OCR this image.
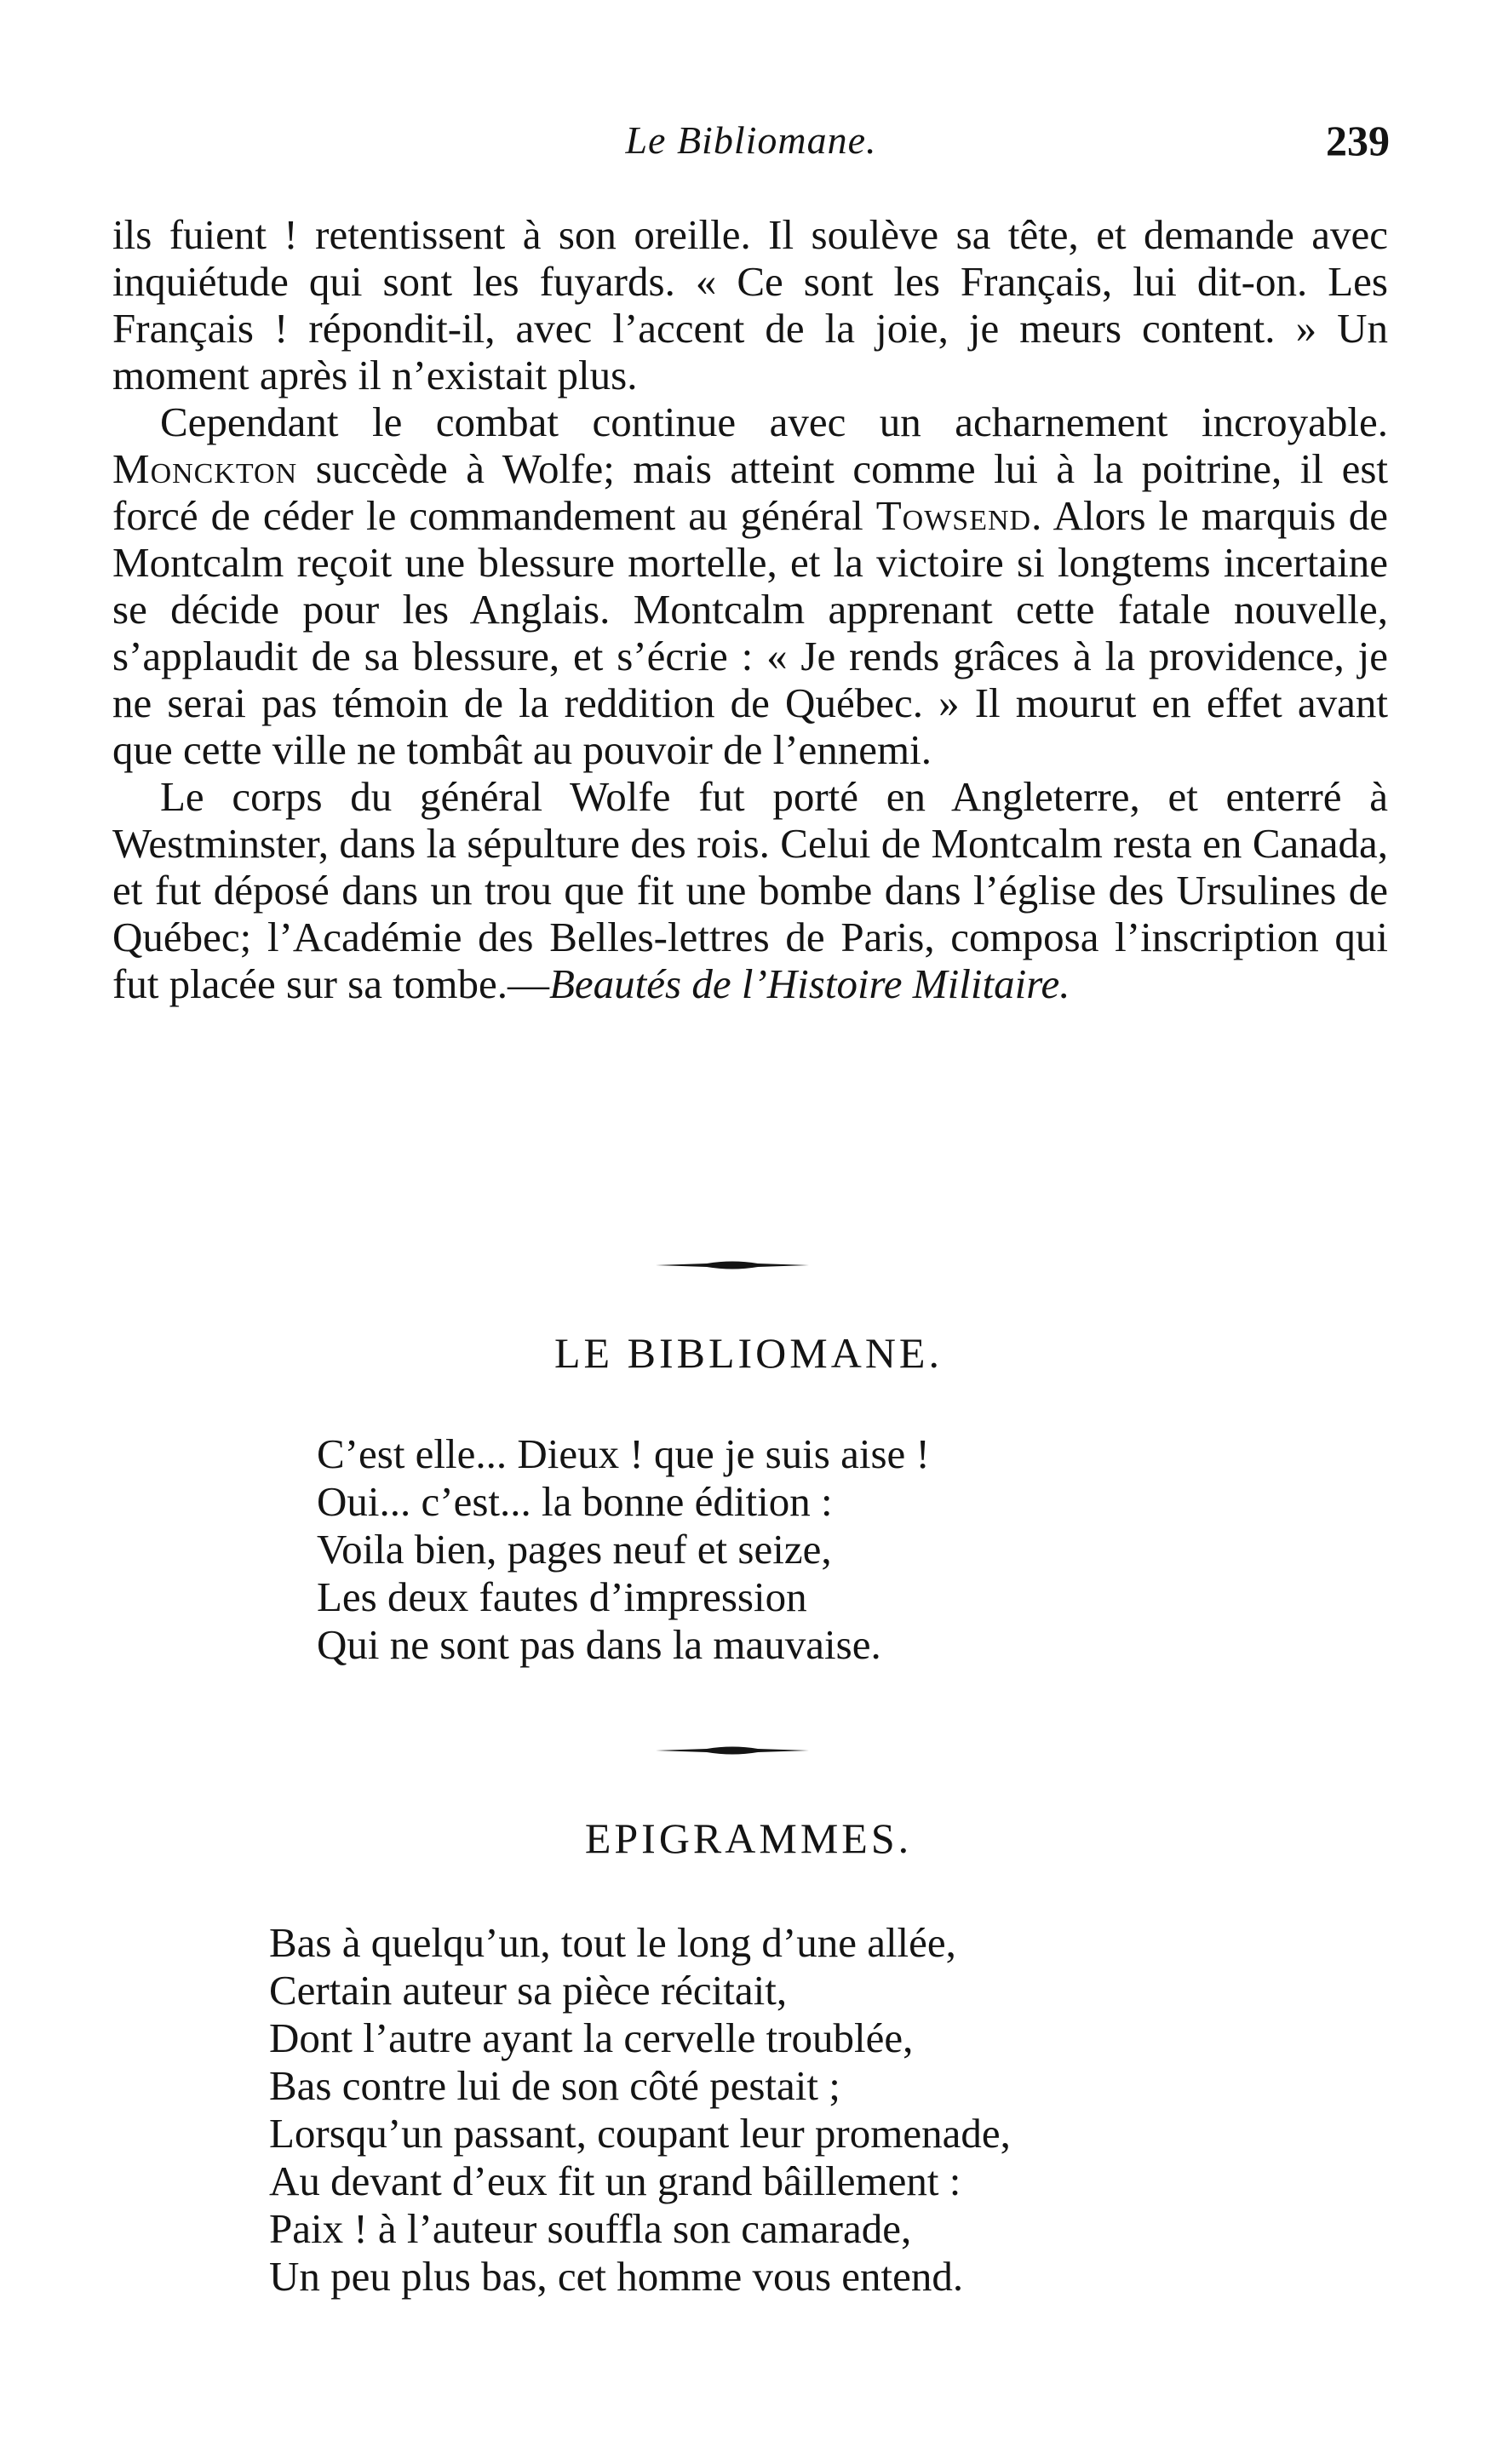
Le Bibliomane.	239

ils fuient ! retentissent à son oreille. Il soulève sa tête, et demande avec inquiétude qui sont les fuyards. « Ce sont les Français, lui dit-on. Les Français ! répondit-il, avec l’accent de la joie, je meurs content. » Un moment après il n’existait plus.

Cependant le combat continue avec un acharnement incroyable. Monckton succède à Wolfe; mais atteint comme lui à la poitrine, il est forcé de céder le commandement au général Towsend. Alors le marquis de Montcalm reçoit une blessure mortelle, et la victoire si longtems incertaine se décide pour les Anglais. Montcalm apprenant cette fatale nouvelle, s’applaudit de sa blessure, et s’écrie : « Je rends grâces à la providence, je ne serai pas témoin de la reddition de Québec. » Il mourut en effet avant que cette ville ne tombât au pouvoir de l’ennemi.

Le corps du général Wolfe fut porté en Angleterre, et enterré à Westminster, dans la sépulture des rois. Celui de Montcalm resta en Canada, et fut déposé dans un trou que fit une bombe dans l’église des Ursulines de Québec; l’Académie des Belles-lettres de Paris, composa l’inscription qui fut placée sur sa tombe.—Beautés de l’Histoire Militaire.

LE BIBLIOMANE.
C’est elle... Dieux ! que je suis aise !
Oui... c’est... la bonne édition :
Voila bien, pages neuf et seize,
Les deux fautes d’impression
Qui ne sont pas dans la mauvaise.
EPIGRAMMES.
Bas à quelqu’un, tout le long d’une allée,
Certain auteur sa pièce récitait,
Dont l’autre ayant la cervelle troublée,
Bas contre lui de son côté pestait ;
Lorsqu’un passant, coupant leur promenade,
Au devant d’eux fit un grand bâillement :
Paix ! à l’auteur souffla son camarade,
Un peu plus bas, cet homme vous entend.
